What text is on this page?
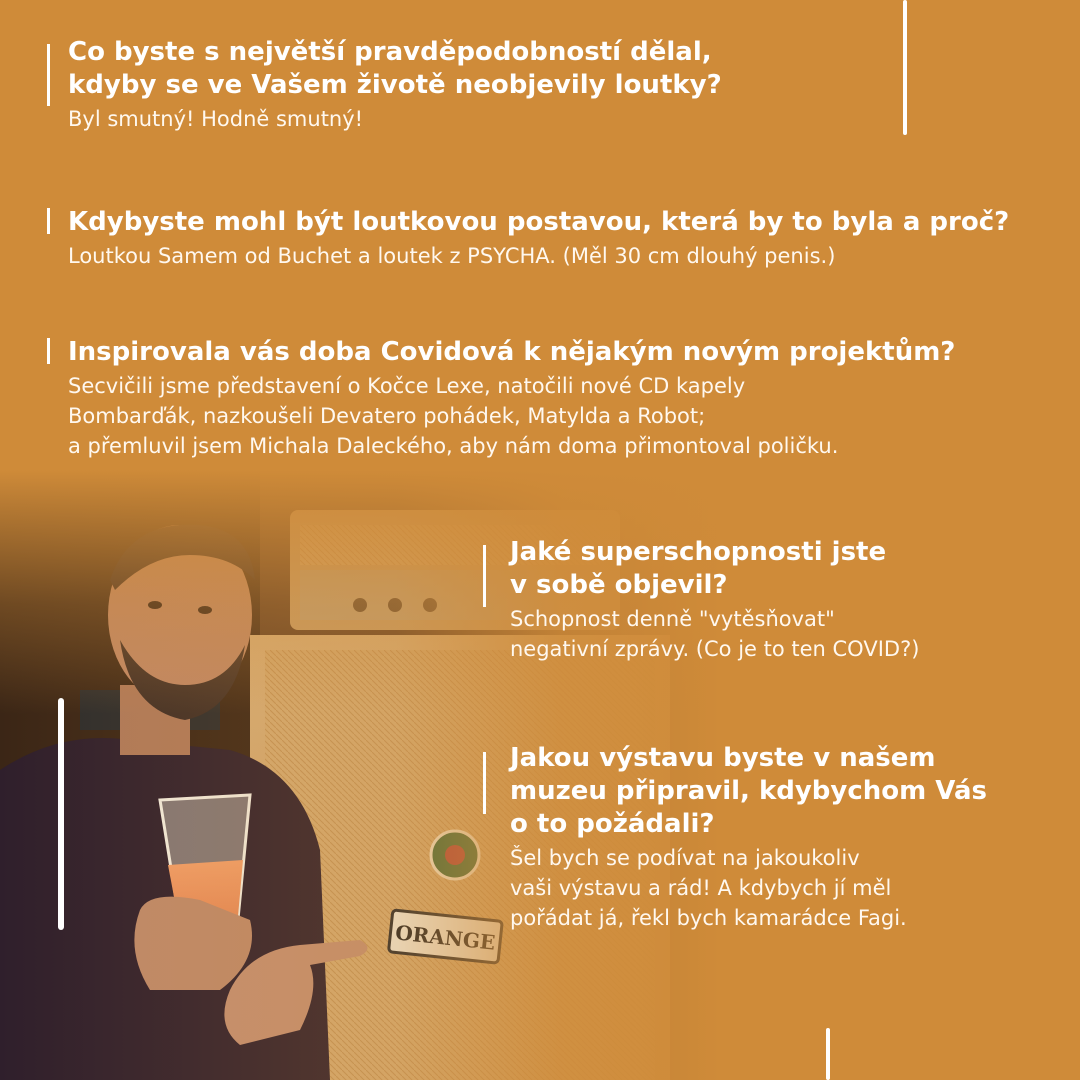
Co byste s největší pravděpodobností dělal,
kdyby se ve Vašem životě neobjevily loutky?

Byl smutný! Hodně smutný!

Kdybyste mohl být loutkovou postavou, která by to byla a proč?

Loutkou Samem od Buchet a loutek z PSYCHA. (Měl 30 cm dlouhý penis.)

Inspirovala vás doba Covidová k nějakým novým projektům?

Secvičili jsme představení o Kočce Lexe, natočili nové CD kapely
Bombarďák, nazkoušeli Devatero pohádek, Matylda a Robot;
a přemluvil jsem Michala Daleckého, aby nám doma přimontoval poličku.

Jaké superschopnosti jste
v sobě objevil?

Schopnost denně "vytěsňovat"
negativní zprávy. (Co je to ten COVID?)

Jakou výstavu byste v našem
muzeu připravil, kdybychom Vás
o to požádali?

Šel bych se podívat na jakoukoliv
vaši výstavu a rád! A kdybych jí měl
pořádat já, řekl bych kamarádce Fagi.
